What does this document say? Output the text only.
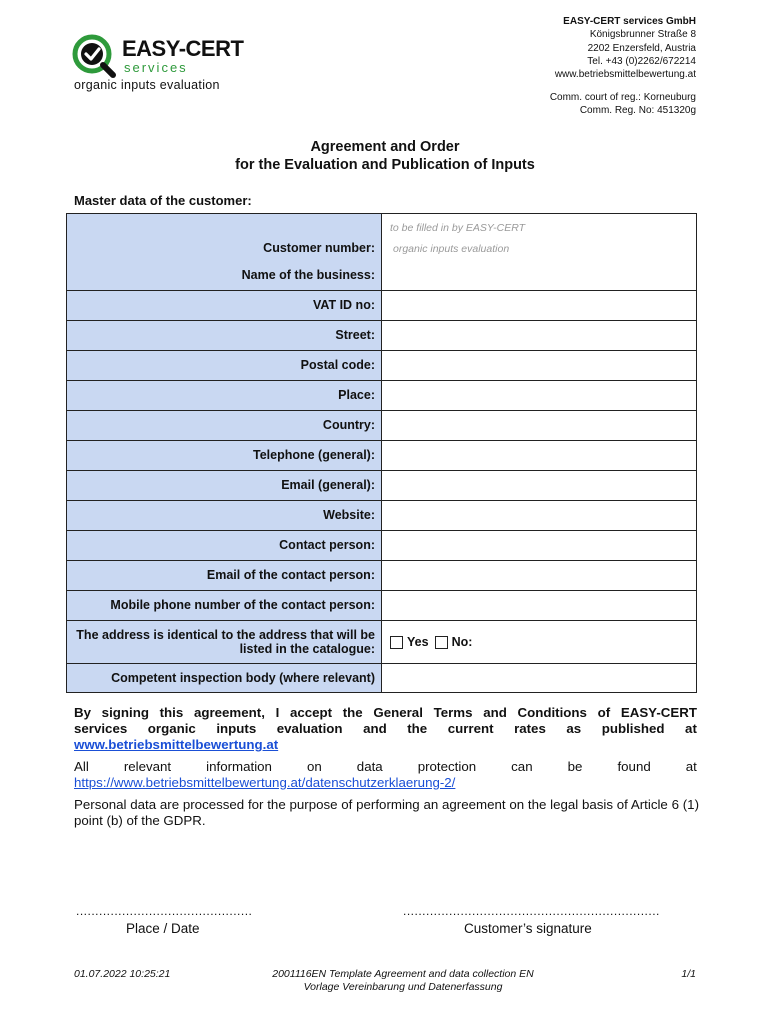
EASY-CERT
services
organic inputs evaluation
EASY-CERT services GmbH
Königsbrunner Straße 8
2202 Enzersfeld, Austria
Tel. +43 (0)2262/672214
www.betriebsmittelbewertung.at
Comm. court of reg.: Korneuburg
Comm. Reg. No: 451320g
Agreement and Order
for the Evaluation and Publication of Inputs
Master data of the customer:
Customer number:
to be filled in by EASY-CERT
organic inputs evaluation
Name of the business:
VAT ID no:
Street:
Postal code:
Place:
Country:
Telephone (general):
Email (general):
Website:
Contact person:
Email of the contact person:
Mobile phone number of the contact person:
The address is identical to the address that will be listed in the catalogue:	Yes No:
Competent inspection body (where relevant)
By signing this agreement, I accept the General Terms and Conditions of EASY-CERT
services organic inputs evaluation and the current rates as published at
www.betriebsmittelbewertung.at
All	relevant	information	on	data	protection	can	be	found	at
https://www.betriebsmittelbewertung.at/datenschutzerklaerung-2/
Personal data are processed for the purpose of performing an agreement on the legal basis of Article 6 (1) point (b) of the GDPR.
..............................................
Place / Date
...................................................................
Customer’s signature
01.07.2022 10:25:21	2001116EN Template Agreement and data collection EN
Vorlage Vereinbarung und Datenerfassung
1/1
